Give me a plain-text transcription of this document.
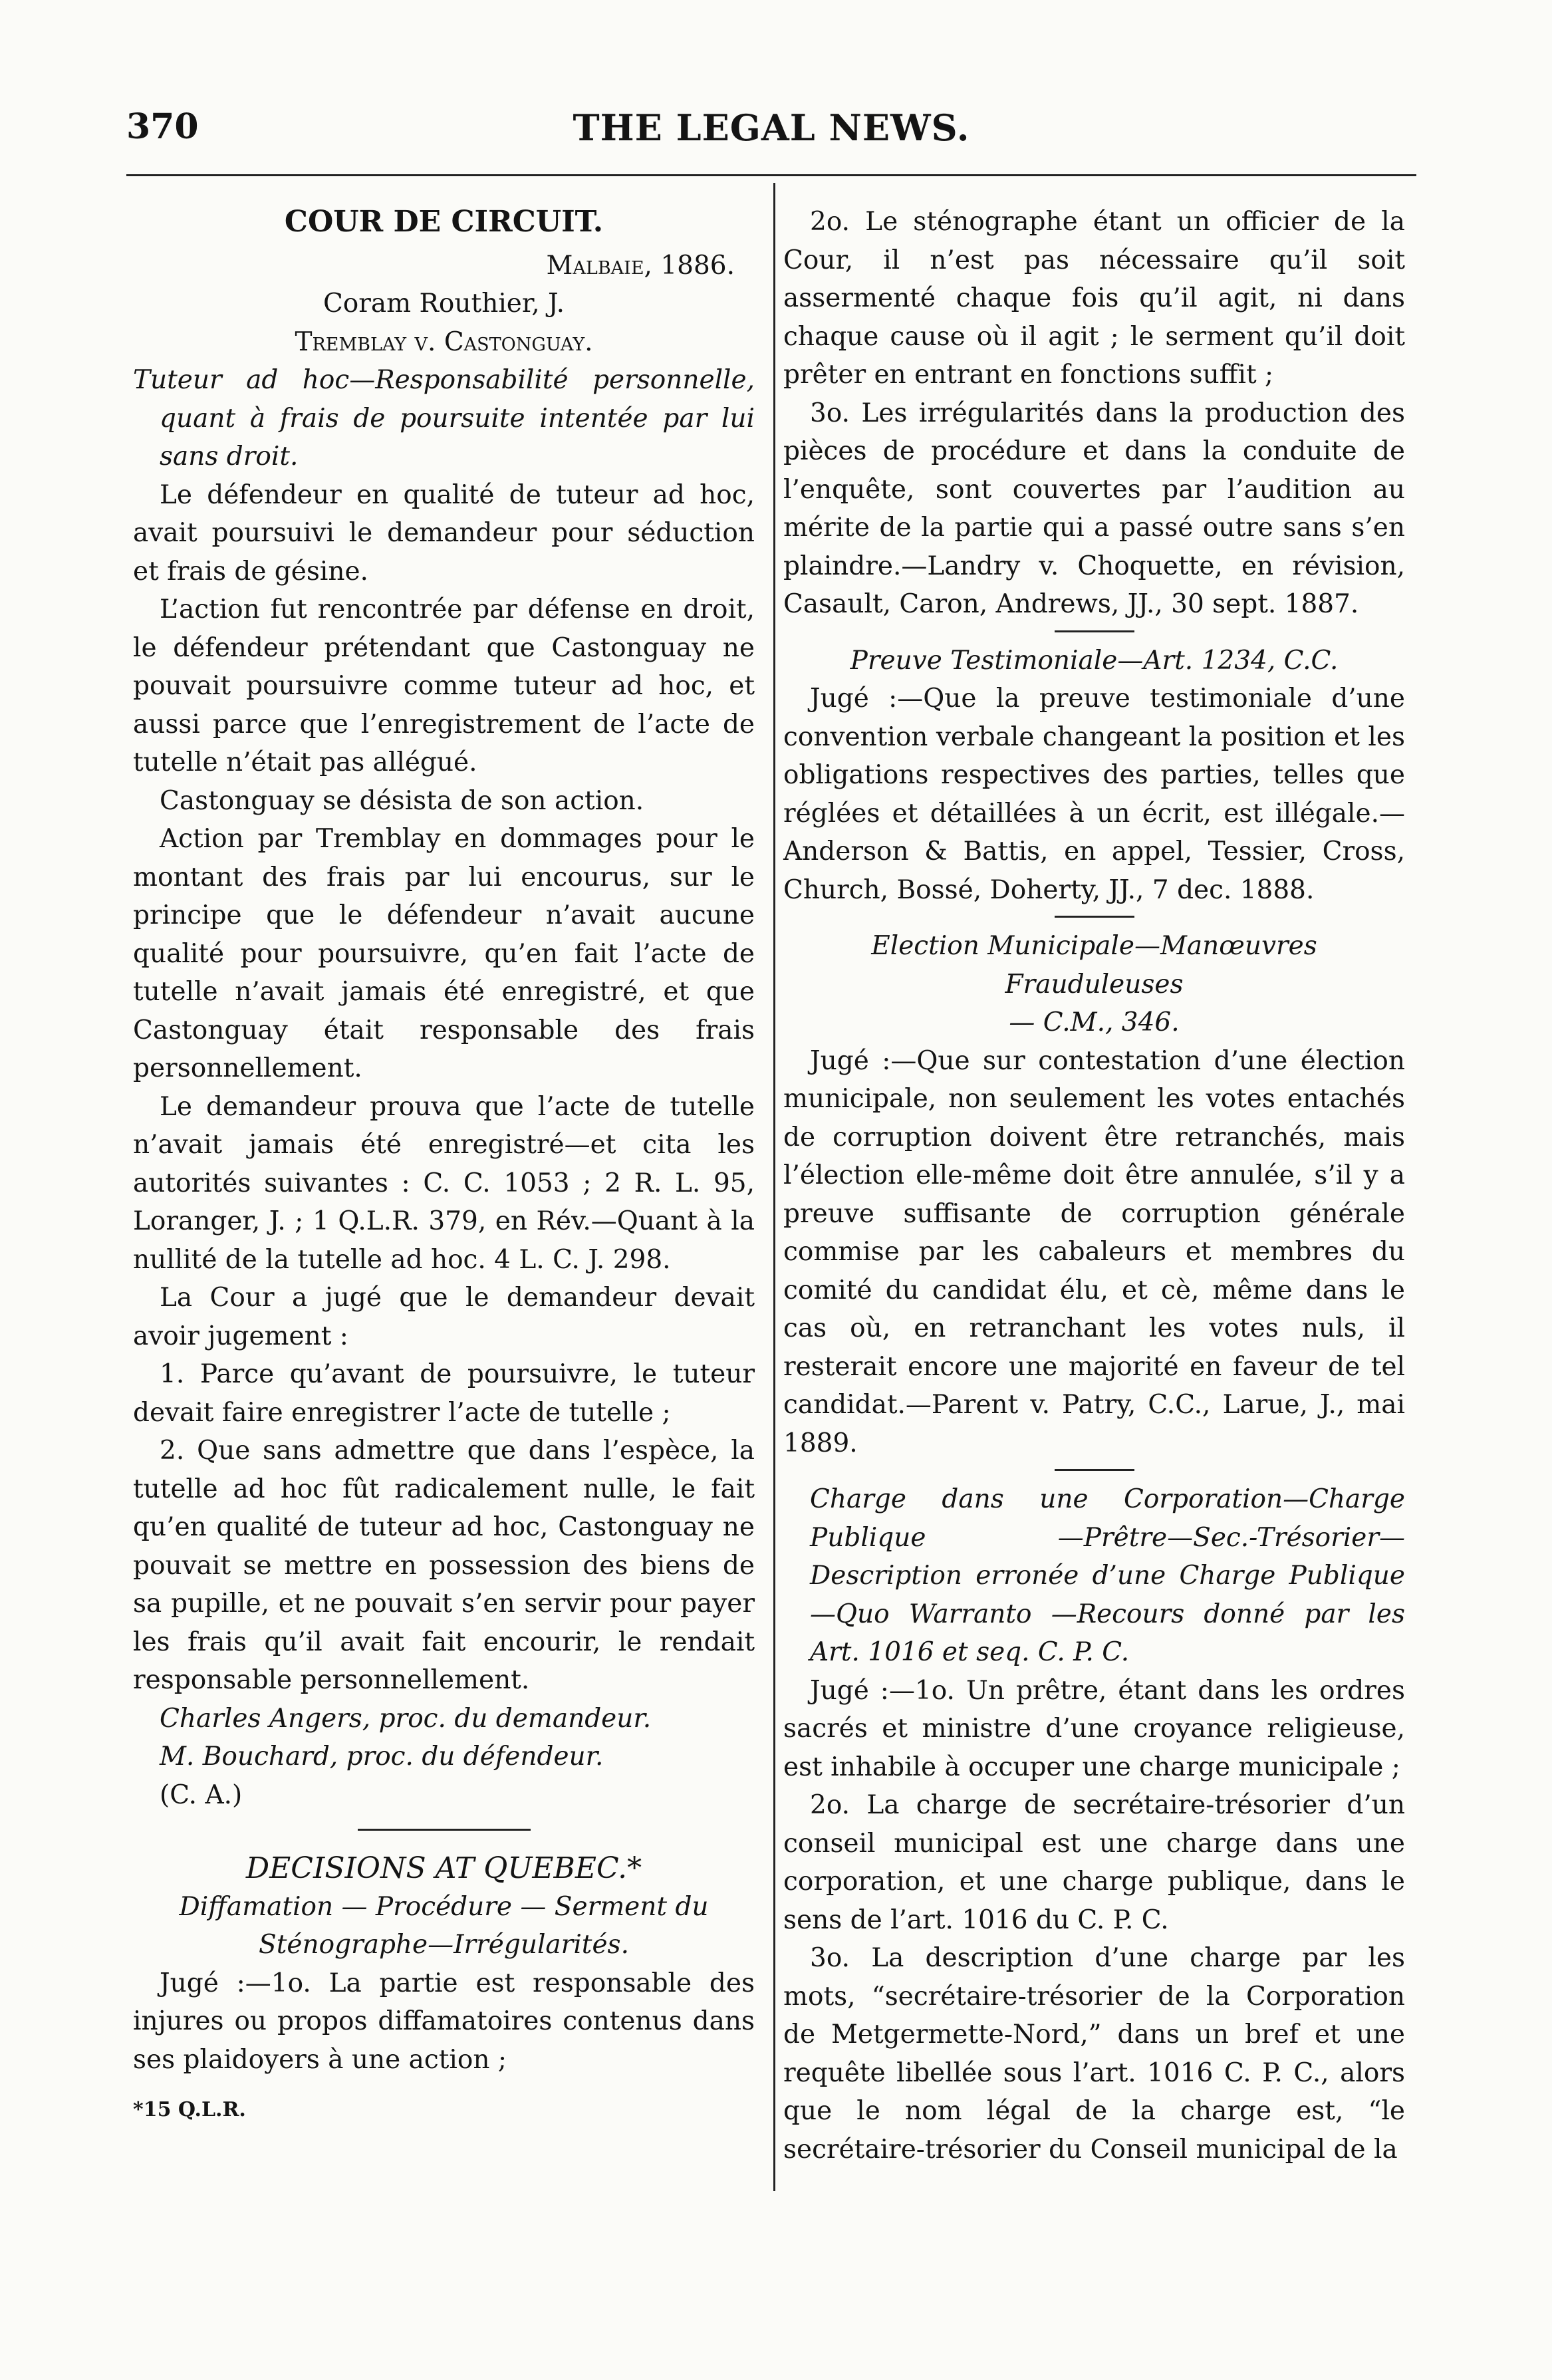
370	THE LEGAL NEWS.

COUR DE CIRCUIT.

Malbaie, 1886.

Coram Routhier, J.

Tremblay v. Castonguay.

Tuteur ad hoc—Responsabilité personnelle, quant à frais de poursuite intentée par lui sans droit.

Le défendeur en qualité de tuteur ad hoc, avait poursuivi le demandeur pour séduction et frais de gésine.

L’action fut rencontrée par défense en droit, le défendeur prétendant que Castonguay ne pouvait poursuivre comme tuteur ad hoc, et aussi parce que l’enregistrement de l’acte de tutelle n’était pas allégué.

Castonguay se désista de son action.

Action par Tremblay en dommages pour le montant des frais par lui encourus, sur le principe que le défendeur n’avait aucune qualité pour poursuivre, qu’en fait l’acte de tutelle n’avait jamais été enregistré, et que Castonguay était responsable des frais personnellement.

Le demandeur prouva que l’acte de tutelle n’avait jamais été enregistré—et cita les autorités suivantes : C. C. 1053 ; 2 R. L. 95, Loranger, J. ; 1 Q.L.R. 379, en Rév.—Quant à la nullité de la tutelle ad hoc. 4 L. C. J. 298.

La Cour a jugé que le demandeur devait avoir jugement :

1. Parce qu’avant de poursuivre, le tuteur devait faire enregistrer l’acte de tutelle ;

2. Que sans admettre que dans l’espèce, la tutelle ad hoc fût radicalement nulle, le fait qu’en qualité de tuteur ad hoc, Castonguay ne pouvait se mettre en possession des biens de sa pupille, et ne pouvait s’en servir pour payer les frais qu’il avait fait encourir, le rendait responsable personnellement.

Charles Angers, proc. du demandeur.

M. Bouchard, proc. du défendeur.

(C. A.)

DECISIONS AT QUEBEC.*

Diffamation — Procédure — Serment du Sténographe—Irrégularités.

Jugé :—1o. La partie est responsable des injures ou propos diffamatoires contenus dans ses plaidoyers à une action ;

*15 Q.L.R.

2o. Le sténographe étant un officier de la Cour, il n’est pas nécessaire qu’il soit assermenté chaque fois qu’il agit, ni dans chaque cause où il agit ; le serment qu’il doit prêter en entrant en fonctions suffit ;

3o. Les irrégularités dans la production des pièces de procédure et dans la conduite de l’enquête, sont couvertes par l’audition au mérite de la partie qui a passé outre sans s’en plaindre.—Landry v. Choquette, en révision, Casault, Caron, Andrews, JJ., 30 sept. 1887.

Preuve Testimoniale—Art. 1234, C.C.

Jugé :—Que la preuve testimoniale d’une convention verbale changeant la position et les obligations respectives des parties, telles que réglées et détaillées à un écrit, est illégale.—Anderson & Battis, en appel, Tessier, Cross, Church, Bossé, Doherty, JJ., 7 dec. 1888.

Election Municipale—Manœuvres Frauduleuses

— C.M., 346.

Jugé :—Que sur contestation d’une élection municipale, non seulement les votes entachés de corruption doivent être retranchés, mais l’élection elle-même doit être annulée, s’il y a preuve suffisante de corruption générale commise par les cabaleurs et membres du comité du candidat élu, et cè, même dans le cas où, en retranchant les votes nuls, il resterait encore une majorité en faveur de tel candidat.—Parent v. Patry, C.C., Larue, J., mai 1889.

Charge dans une Corporation—Charge Publique —Prêtre—Sec.-Trésorier—Description erronée d’une Charge Publique—Quo Warranto —Recours donné par les Art. 1016 et seq. C. P. C.

Jugé :—1o. Un prêtre, étant dans les ordres sacrés et ministre d’une croyance religieuse, est inhabile à occuper une charge municipale ;

2o. La charge de secrétaire-trésorier d’un conseil municipal est une charge dans une corporation, et une charge publique, dans le sens de l’art. 1016 du C. P. C.

3o. La description d’une charge par les mots, “secrétaire-trésorier de la Corporation de Metgermette-Nord,” dans un bref et une requête libellée sous l’art. 1016 C. P. C., alors que le nom légal de la charge est, “le secrétaire-trésorier du Conseil municipal de la
